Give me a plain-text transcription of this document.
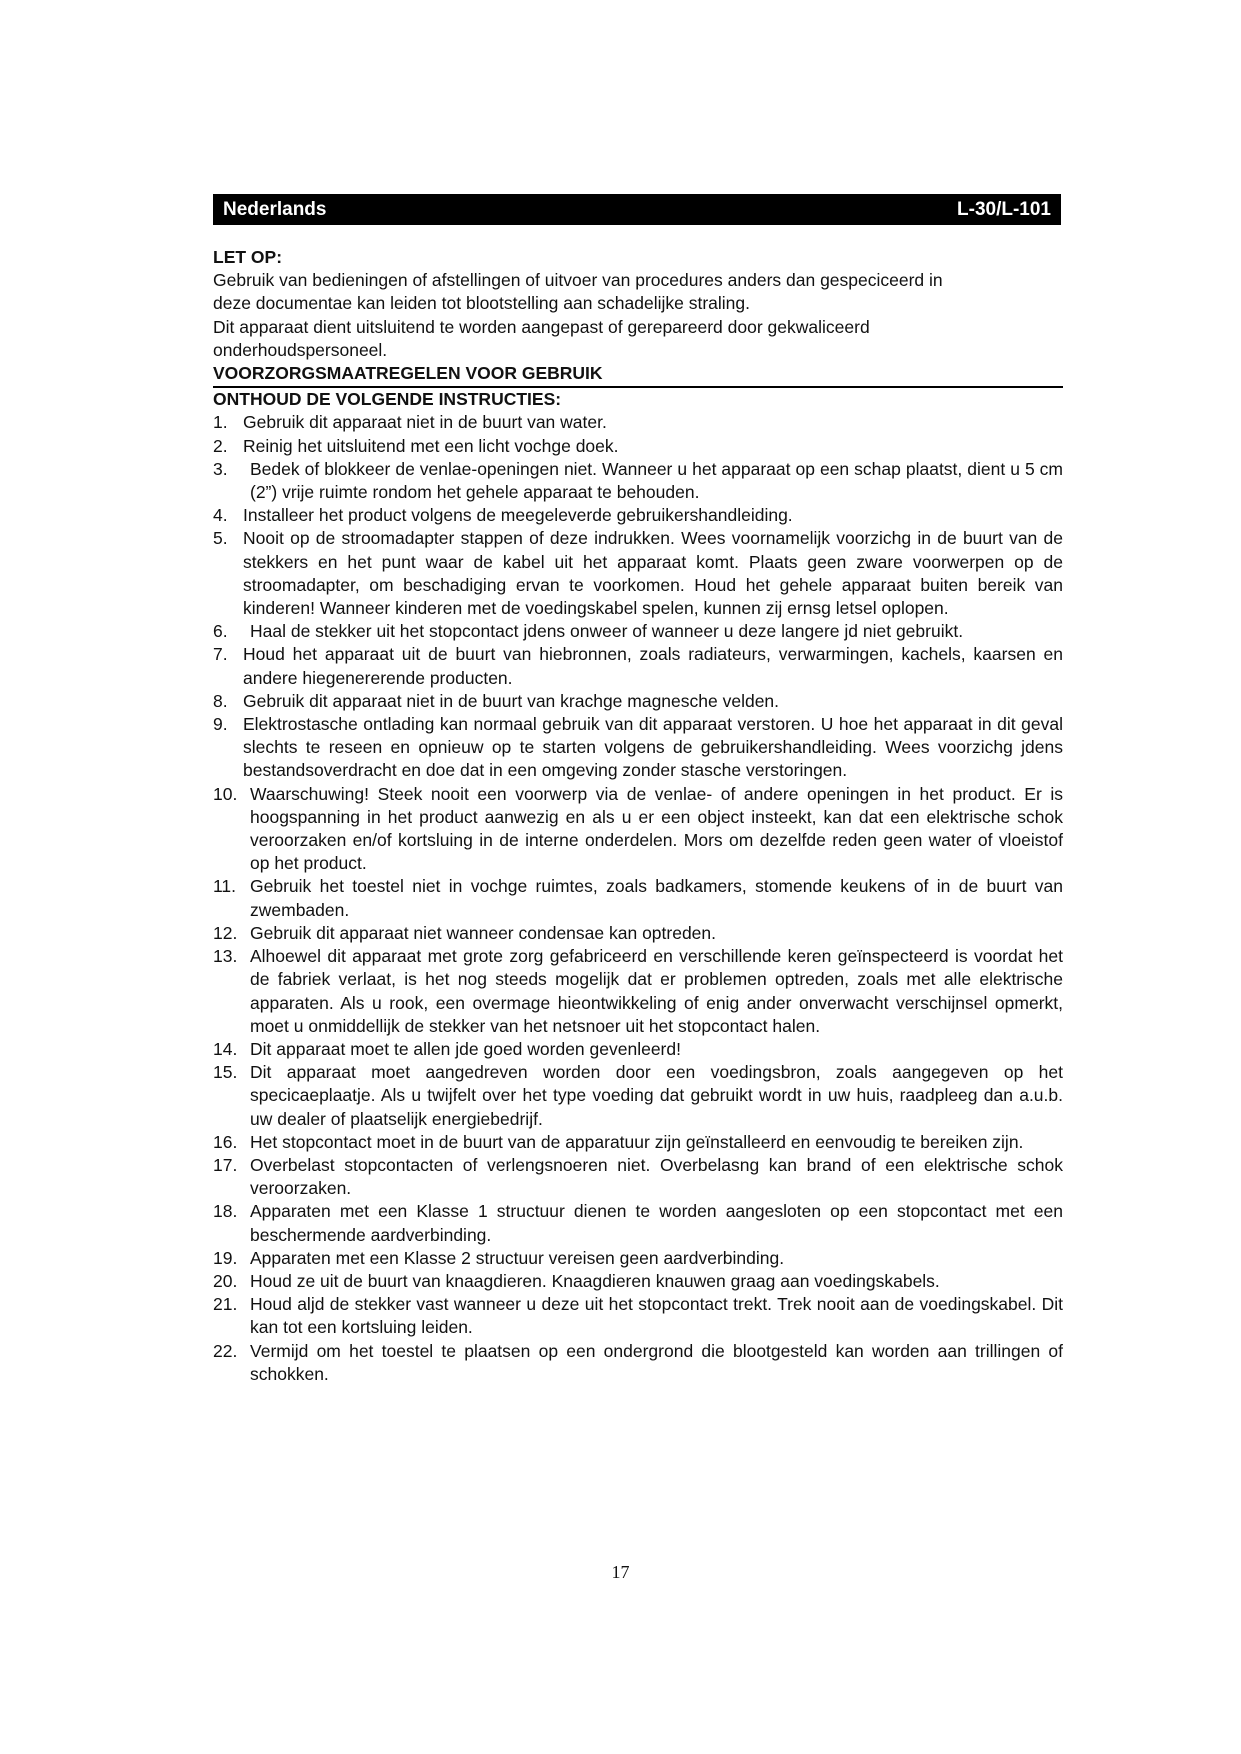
Nederlands	L-30/L-101

LET OP:

Gebruik van bedieningen of afstellingen of uitvoer van procedures anders dan gespeciceerd in

deze documentae kan leiden tot blootstelling aan schadelijke straling.

Dit apparaat dient uitsluitend te worden aangepast of gerepareerd door gekwaliceerd

onderhoudspersoneel.

VOORZORGSMAATREGELEN VOOR GEBRUIK

ONTHOUD DE VOLGENDE INSTRUCTIES:

1. Gebruik dit apparaat niet in de buurt van water.
2. Reinig het uitsluitend met een licht vochge doek.
3.	Bedek of blokkeer de venlae-openingen niet. Wanneer u het apparaat op een schap plaatst, dient u 5 cm (2”) vrije ruimte rondom het gehele apparaat te behouden.
4. Installeer het product volgens de meegeleverde gebruikershandleiding.
5. Nooit op de stroomadapter stappen of deze indrukken. Wees voornamelijk voorzichg in de buurt van de stekkers en het punt waar de kabel uit het apparaat komt. Plaats geen zware voorwerpen op de stroomadapter, om beschadiging ervan te voorkomen. Houd het gehele apparaat buiten bereik van kinderen! Wanneer kinderen met de voedingskabel spelen, kunnen zij ernsg letsel oplopen.
6.	Haal de stekker uit het stopcontact jdens onweer of wanneer u deze langere jd niet gebruikt.
7. Houd het apparaat uit de buurt van hiebronnen, zoals radiateurs, verwarmingen, kachels, kaarsen en andere hiegenererende producten.
8. Gebruik dit apparaat niet in de buurt van krachge magnesche velden.
9. Elektrostasche ontlading kan normaal gebruik van dit apparaat verstoren. U hoe het apparaat in dit geval slechts te reseen en opnieuw op te starten volgens de gebruikershandleiding. Wees voorzichg jdens bestandsoverdracht en doe dat in een omgeving zonder stasche verstoringen.
10. Waarschuwing! Steek nooit een voorwerp via de venlae- of andere openingen in het product. Er is hoogspanning in het product aanwezig en als u er een object insteekt, kan dat een elektrische schok veroorzaken en/of kortsluing in de interne onderdelen. Mors om dezelfde reden geen water of vloeistof op het product.
11. Gebruik het toestel niet in vochge ruimtes, zoals badkamers, stomende keukens of in de buurt van zwembaden.
12. Gebruik dit apparaat niet wanneer condensae kan optreden.
13. Alhoewel dit apparaat met grote zorg gefabriceerd en verschillende keren geïnspecteerd is voordat het de fabriek verlaat, is het nog steeds mogelijk dat er problemen optreden, zoals met alle elektrische apparaten. Als u rook, een overmage hieontwikkeling of enig ander onverwacht verschijnsel opmerkt, moet u onmiddellijk de stekker van het netsnoer uit het stopcontact halen.
14. Dit apparaat moet te allen jde goed worden gevenleerd!
15. Dit apparaat moet aangedreven worden door een voedingsbron, zoals aangegeven op het specicaeplaatje. Als u twijfelt over het type voeding dat gebruikt wordt in uw huis, raadpleeg dan a.u.b. uw dealer of plaatselijk energiebedrijf.
16. Het stopcontact moet in de buurt van de apparatuur zijn geïnstalleerd en eenvoudig te bereiken zijn.
17. Overbelast stopcontacten of verlengsnoeren niet. Overbelasng kan brand of een elektrische schok veroorzaken.
18. Apparaten met een Klasse 1 structuur dienen te worden aangesloten op een stopcontact met een beschermende aardverbinding.
19. Apparaten met een Klasse 2 structuur vereisen geen aardverbinding.
20. Houd ze uit de buurt van knaagdieren. Knaagdieren knauwen graag aan voedingskabels.
21. Houd aljd de stekker vast wanneer u deze uit het stopcontact trekt. Trek nooit aan de voedingskabel. Dit kan tot een kortsluing leiden.
22. Vermijd om het toestel te plaatsen op een ondergrond die blootgesteld kan worden aan trillingen of schokken.
17
